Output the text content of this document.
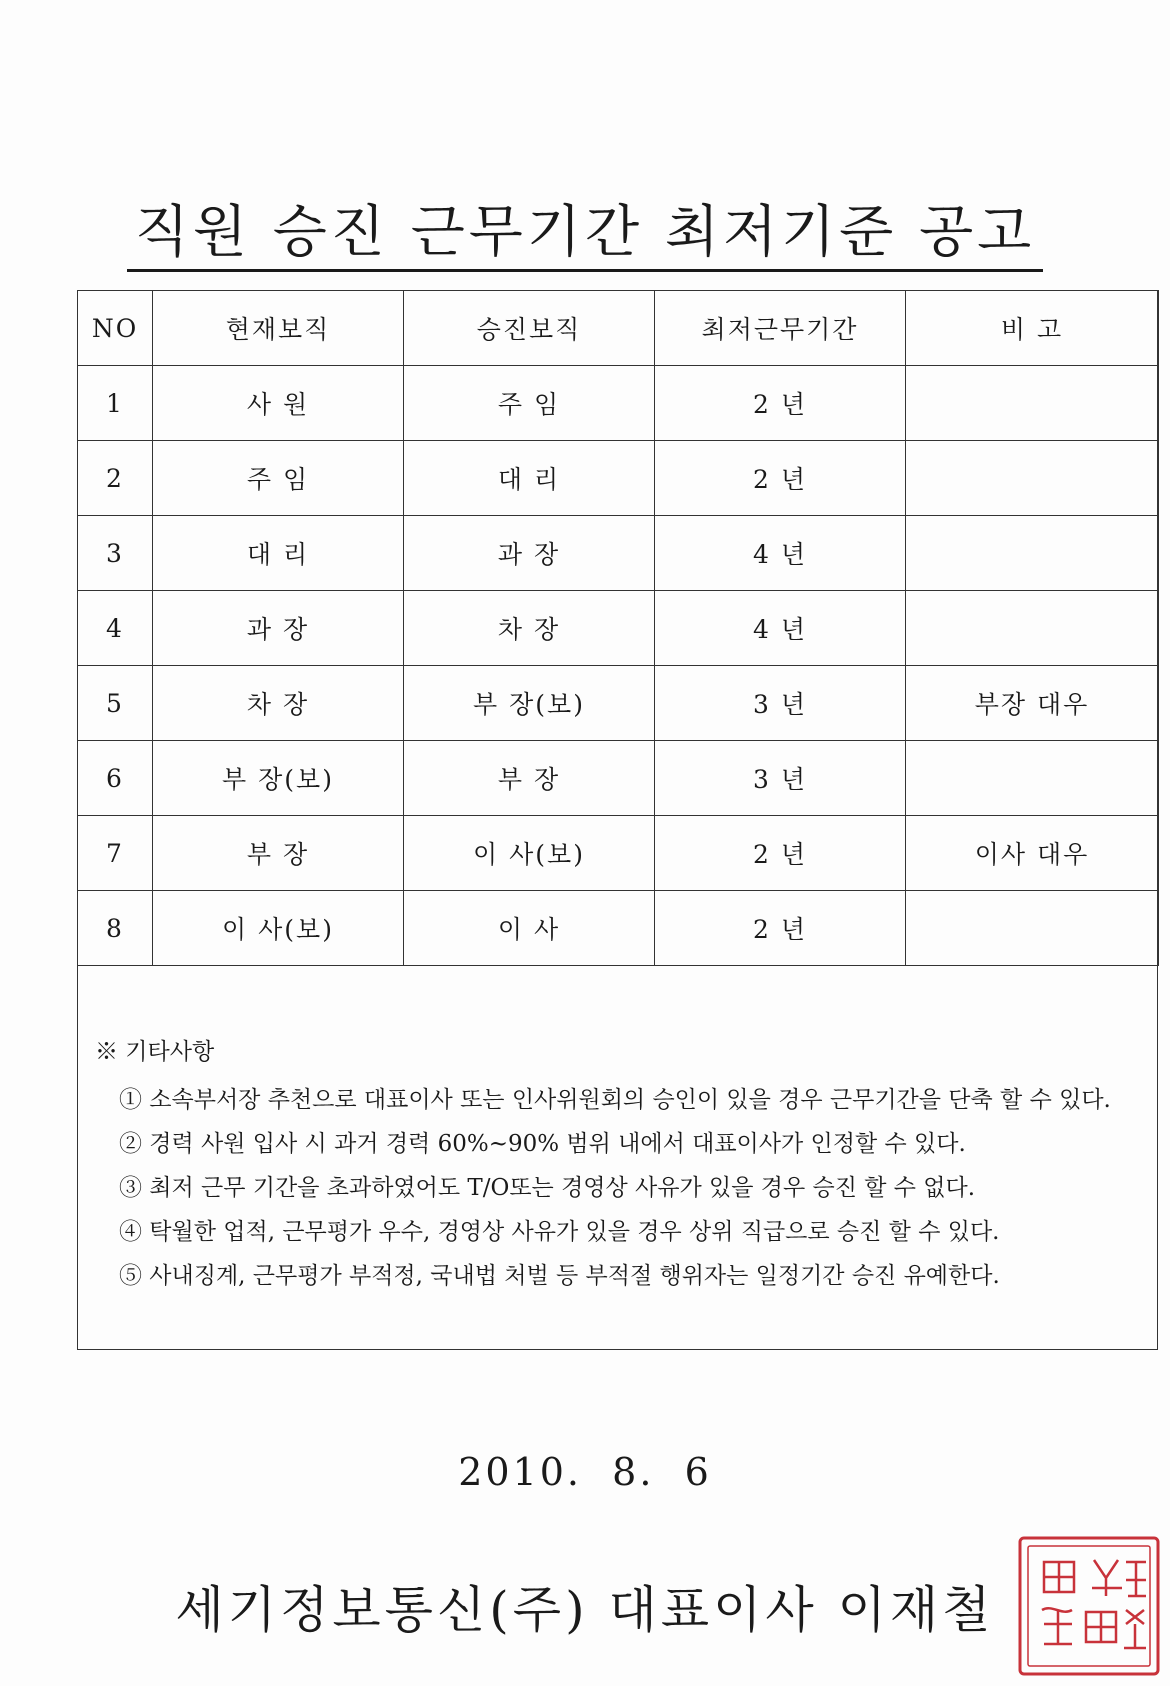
직원 승진 근무기간 최저기준 공고
NO	현재보직	승진보직	최저근무기간	비 고
1	사 원	주 임	2 년	
2	주 임	대 리	2 년	
3	대 리	과 장	4 년	
4	과 장	차 장	4 년	
5	차 장	부 장(보)	3 년	부장 대우
6	부 장(보)	부 장	3 년	
7	부 장	이 사(보)	2 년	이사 대우
8	이 사(보)	이 사	2 년	
※ 기타사항
① 소속부서장 추천으로 대표이사 또는 인사위원회의 승인이 있을 경우 근무기간을 단축 할 수 있다.
② 경력 사원 입사 시 과거 경력 60%~90% 범위 내에서 대표이사가 인정할 수 있다.
③ 최저 근무 기간을 초과하였어도 T/O또는 경영상 사유가 있을 경우 승진 할 수 없다.
④ 탁월한 업적, 근무평가 우수, 경영상 사유가 있을 경우 상위 직급으로 승진 할 수 있다.
⑤ 사내징계, 근무평가 부적정, 국내법 처벌 등 부적절 행위자는 일정기간 승진 유예한다.
2010.  8.  6
세기정보통신(주) 대표이사 이재철
